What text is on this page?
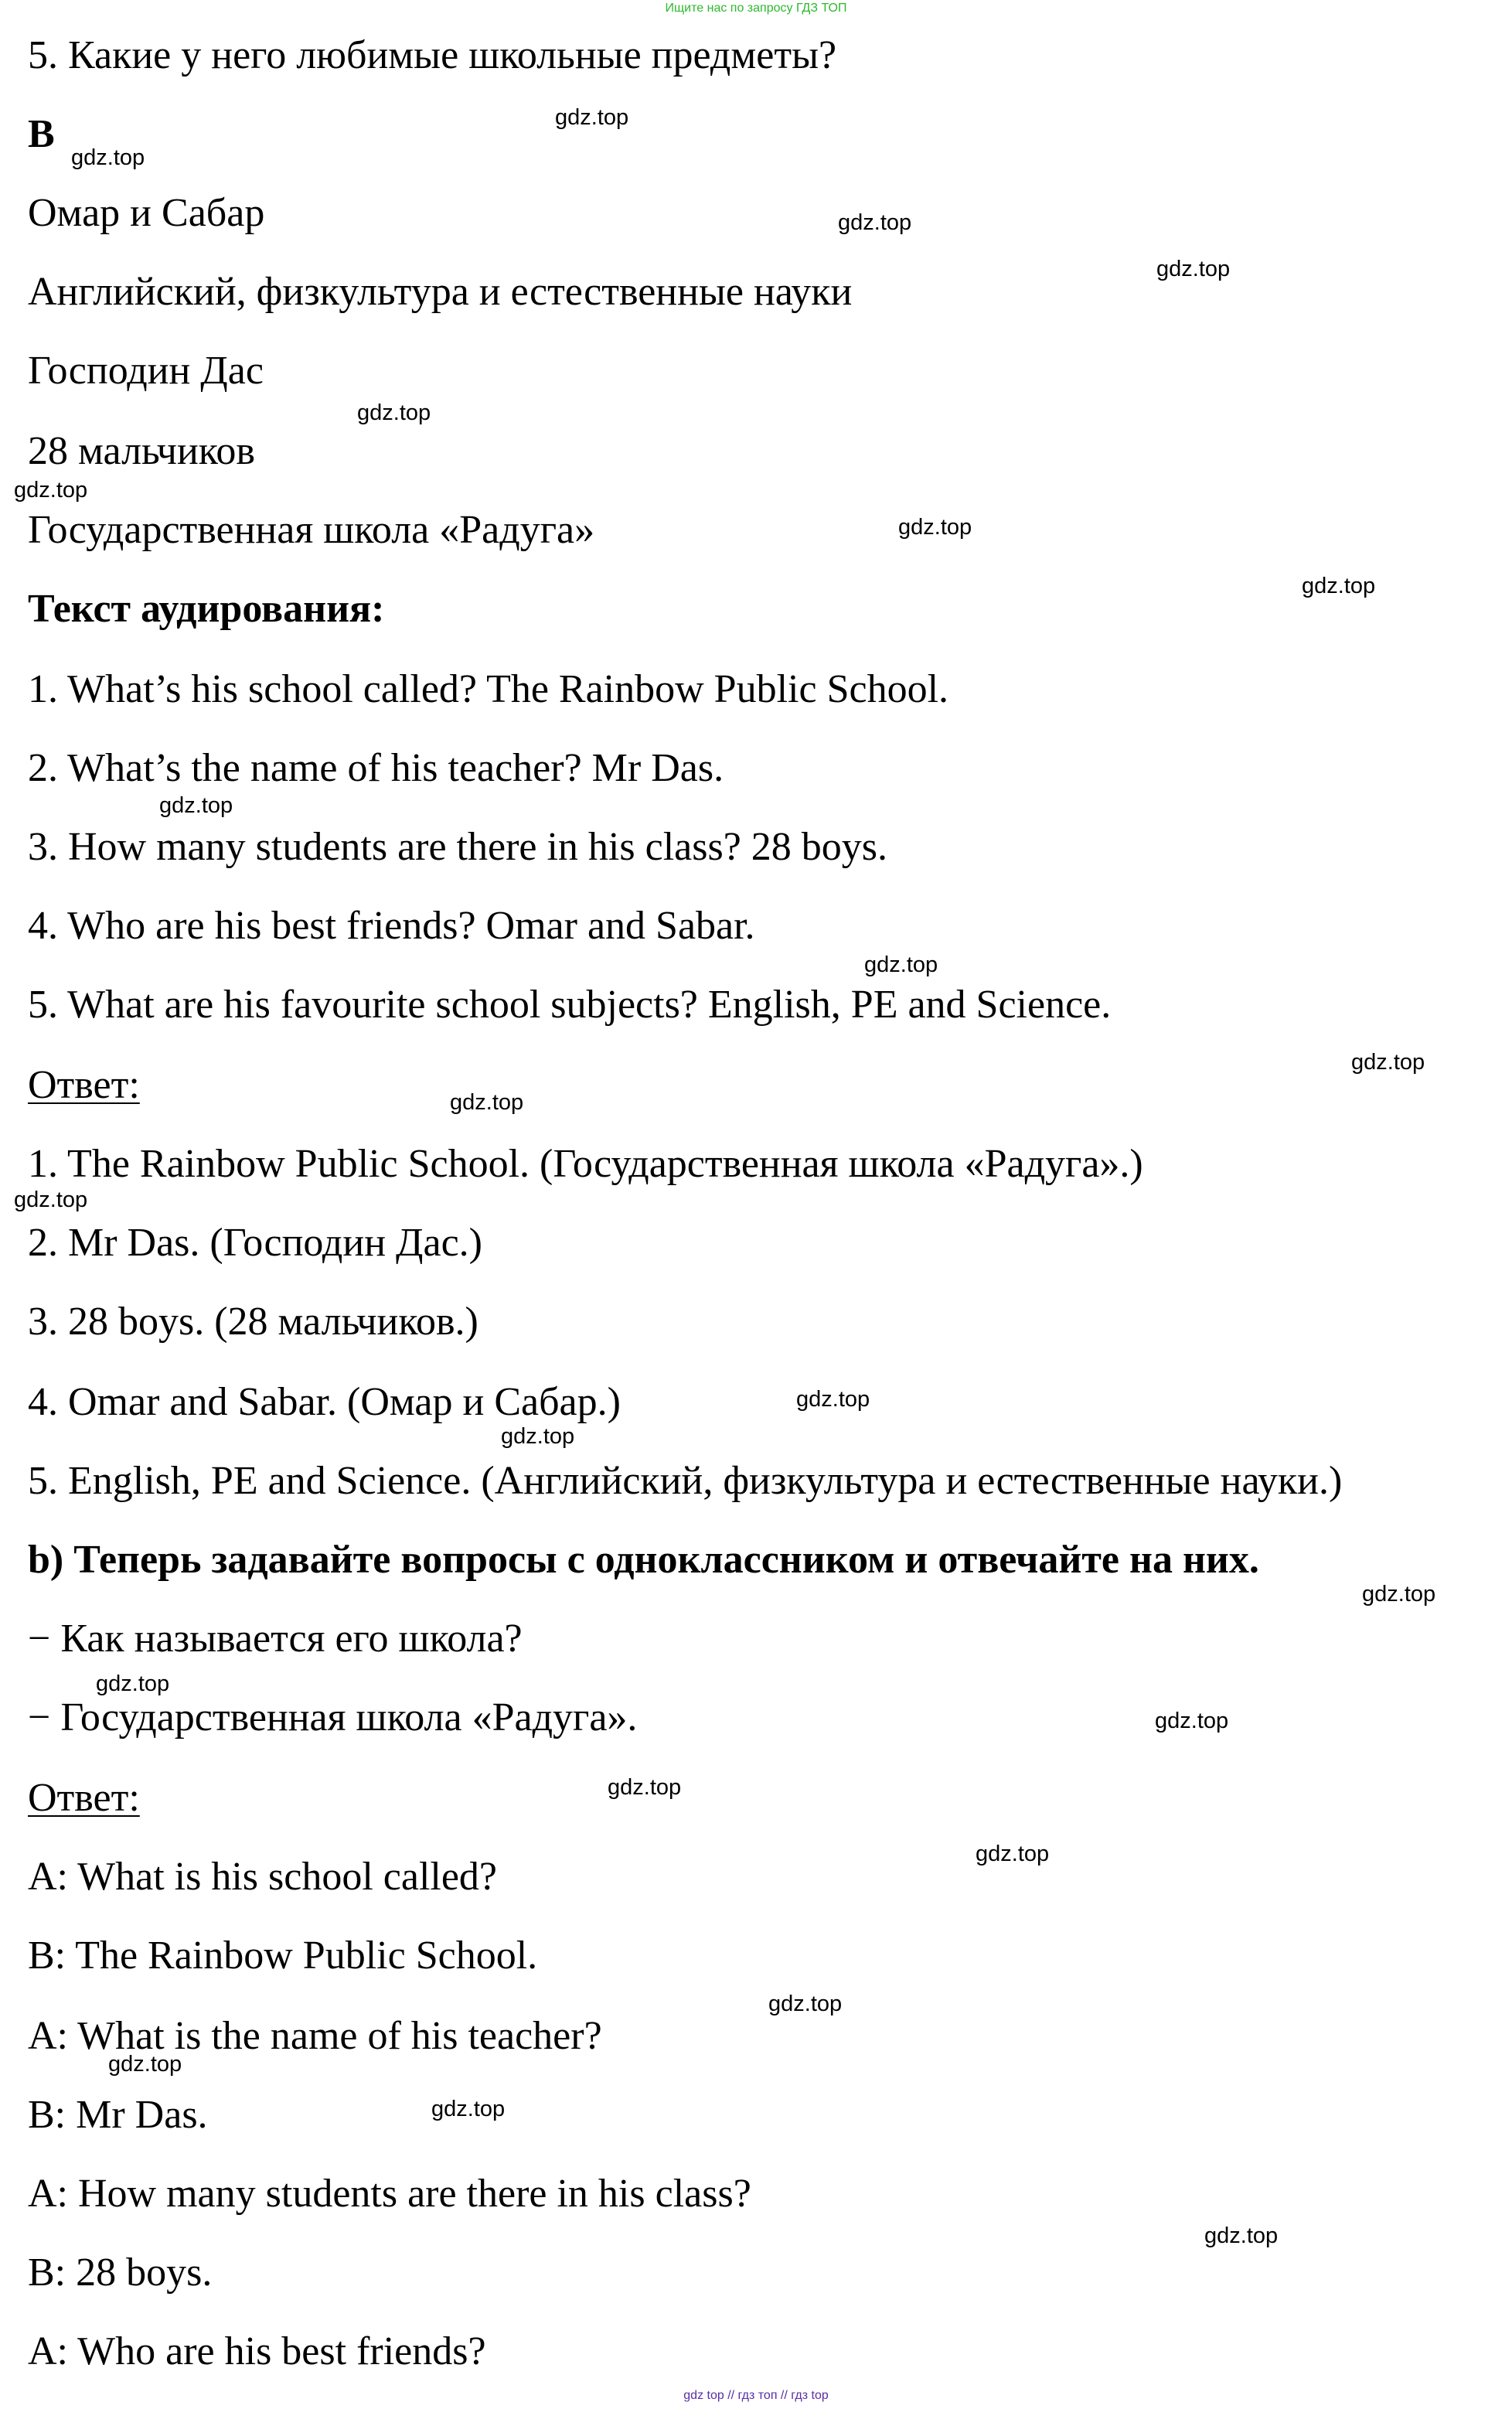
Ищите нас по запросу ГДЗ ТОП
5. Какие у него любимые школьные предметы?
В
Омар и Сабар
Английский, физкультура и естественные науки
Господин Дас
28 мальчиков
Государственная школа «Радуга»
Текст аудирования:
1. What’s his school called? The Rainbow Public School.
2. What’s the name of his teacher? Mr Das.
3. How many students are there in his class? 28 boys.
4. Who are his best friends? Omar and Sabar.
5. What are his favourite school subjects? English, PE and Science.
Ответ:
1. The Rainbow Public School. (Государственная школа «Радуга».)
2. Mr Das. (Господин Дас.)
3. 28 boys. (28 мальчиков.)
4. Omar and Sabar. (Омар и Сабар.)
5. English, PE and Science. (Английский, физкультура и естественные науки.)
b) Теперь задавайте вопросы с одноклассником и отвечайте на них.
− Как называется его школа?
− Государственная школа «Радуга».
Ответ:
A: What is his school called?
B: The Rainbow Public School.
A: What is the name of his teacher?
B: Mr Das.
A: How many students are there in his class?
B: 28 boys.
A: Who are his best friends?
gdz.top
gdz.top
gdz.top
gdz.top
gdz.top
gdz.top
gdz.top
gdz.top
gdz.top
gdz.top
gdz.top
gdz.top
gdz.top
gdz.top
gdz.top
gdz.top
gdz.top
gdz.top
gdz.top
gdz.top
gdz.top
gdz.top
gdz.top
gdz.top
gdz top // гдз топ // гдз top
